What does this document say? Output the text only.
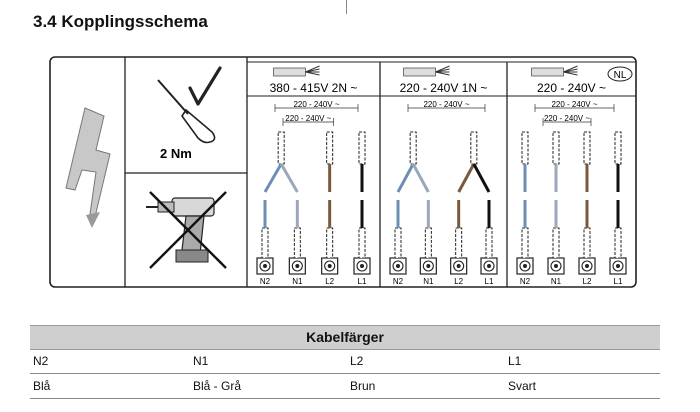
3.4 Kopplingsschema
2 Nm
380 - 415V 2N ~
220 - 240V ~
220 - 240V ~
N2	N1	L2	L1
220 - 240V 1N ~
220 - 240V ~
N2	N1	L2	L1
NL
220 - 240V ~
220 - 240V ~
220 - 240V ~
N2	N1	L2	L1
Kabelfärger
N2	N1	L2	L1
Blå	Blå - Grå	Brun	Svart
